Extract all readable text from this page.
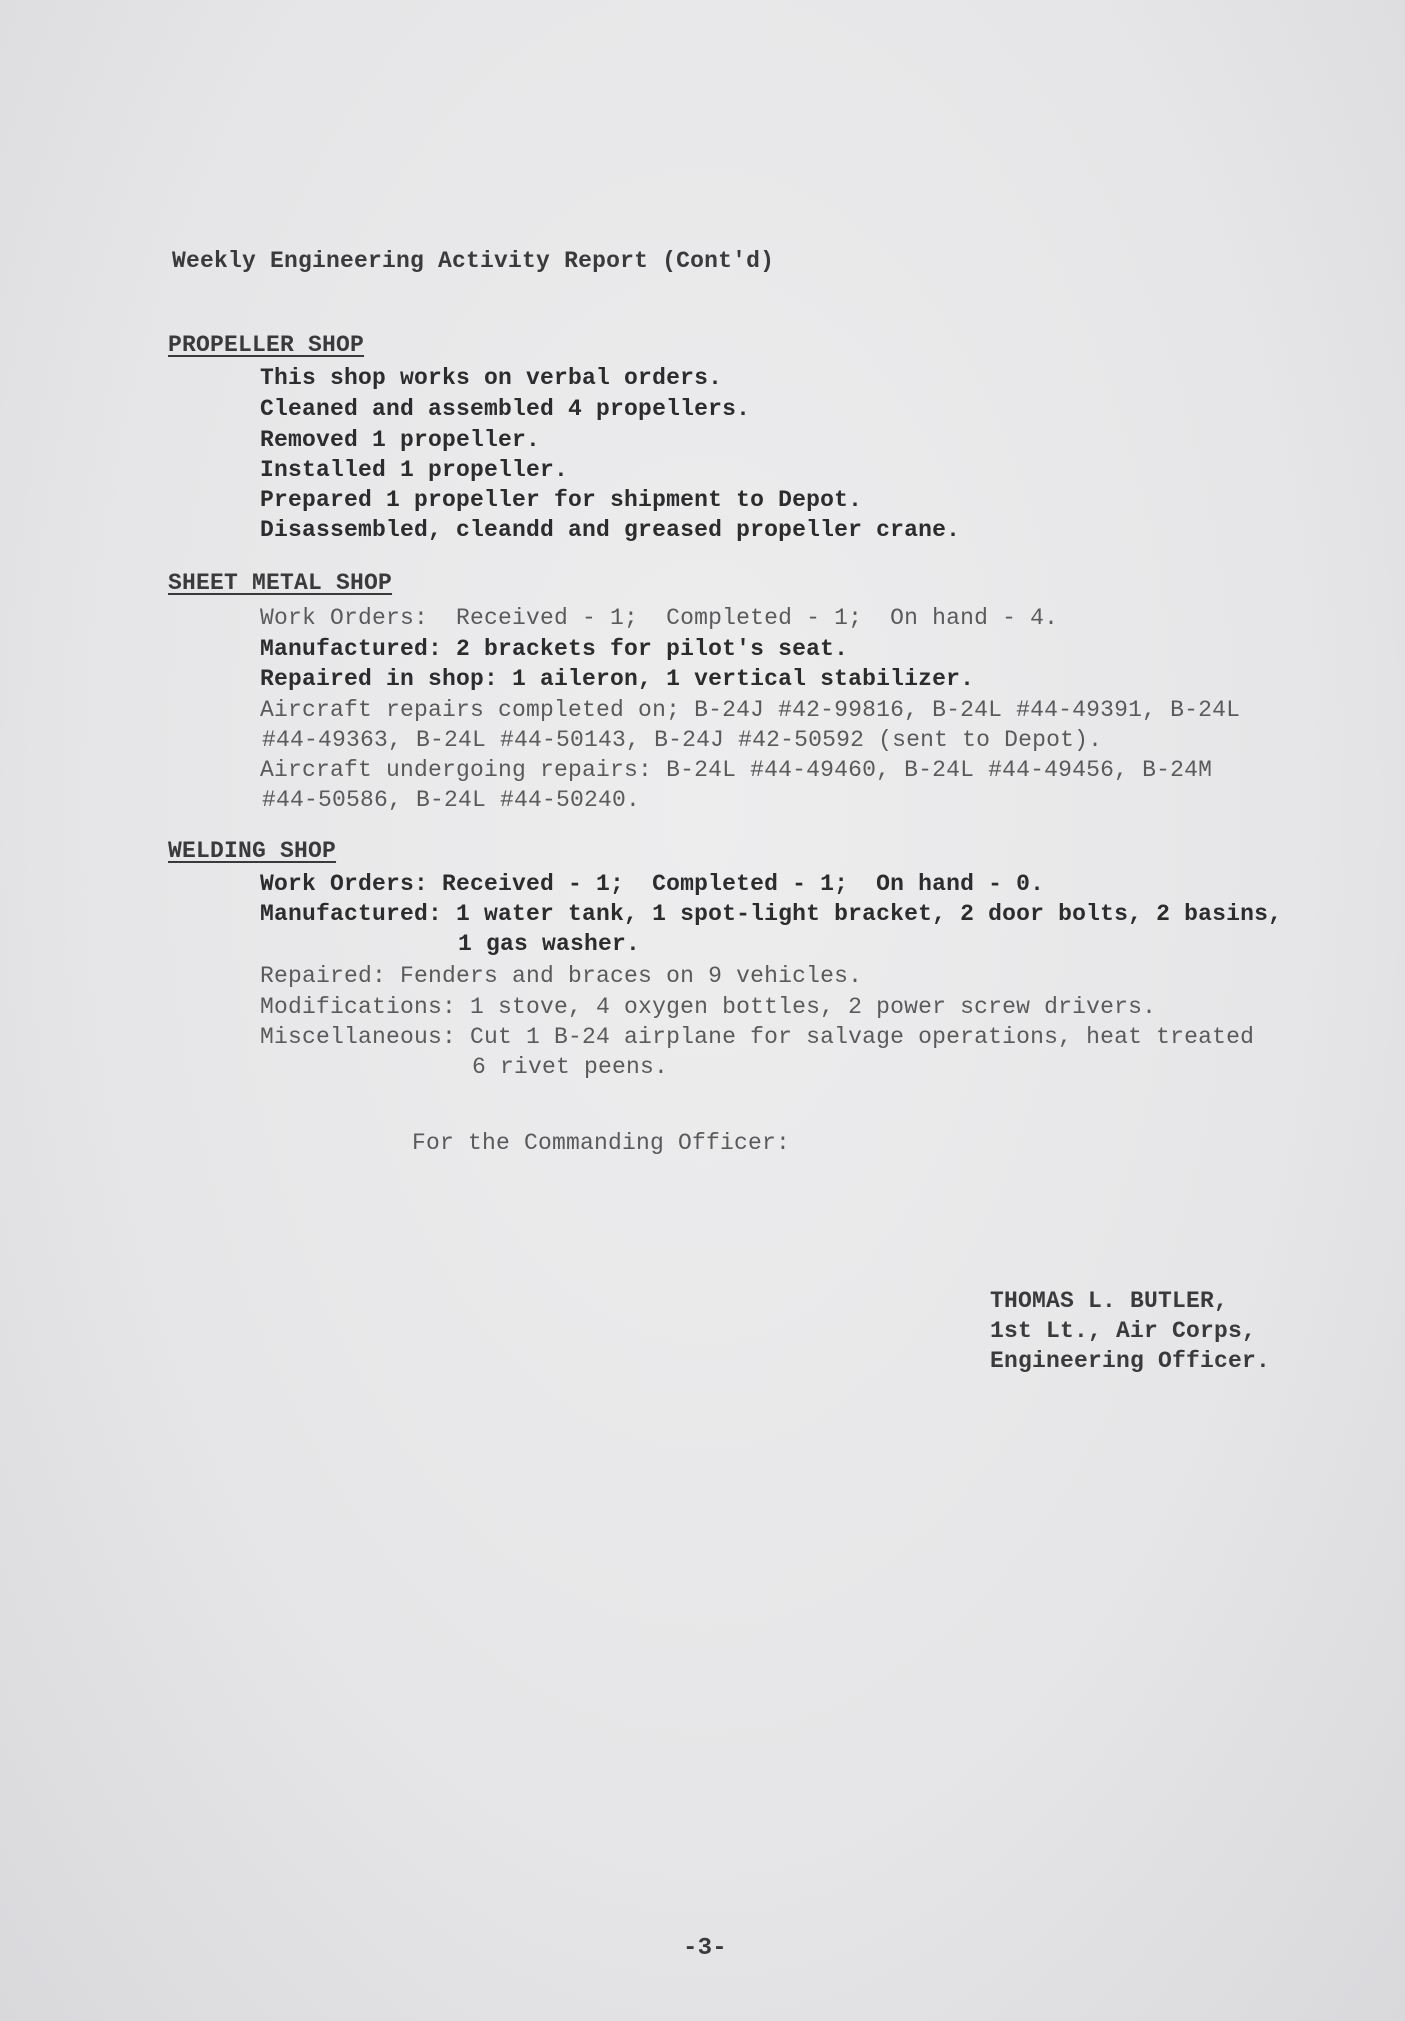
Weekly Engineering Activity Report (Cont'd)
PROPELLER SHOP
This shop works on verbal orders.
Cleaned and assembled 4 propellers.
Removed 1 propeller.
Installed 1 propeller.
Prepared 1 propeller for shipment to Depot.
Disassembled, cleandd and greased propeller crane.
SHEET METAL SHOP
Work Orders:  Received - 1;  Completed - 1;  On hand - 4.
Manufactured: 2 brackets for pilot's seat.
Repaired in shop: 1 aileron, 1 vertical stabilizer.
Aircraft repairs completed on; B-24J #42-99816, B-24L #44-49391, B-24L
#44-49363, B-24L #44-50143, B-24J #42-50592 (sent to Depot).
Aircraft undergoing repairs: B-24L #44-49460, B-24L #44-49456, B-24M
#44-50586, B-24L #44-50240.
WELDING SHOP
Work Orders: Received - 1;  Completed - 1;  On hand - 0.
Manufactured: 1 water tank, 1 spot-light bracket, 2 door bolts, 2 basins,
1 gas washer.
Repaired: Fenders and braces on 9 vehicles.
Modifications: 1 stove, 4 oxygen bottles, 2 power screw drivers.
Miscellaneous: Cut 1 B-24 airplane for salvage operations, heat treated
6 rivet peens.
For the Commanding Officer:
THOMAS L. BUTLER,
1st Lt., Air Corps,
Engineering Officer.
-3-
